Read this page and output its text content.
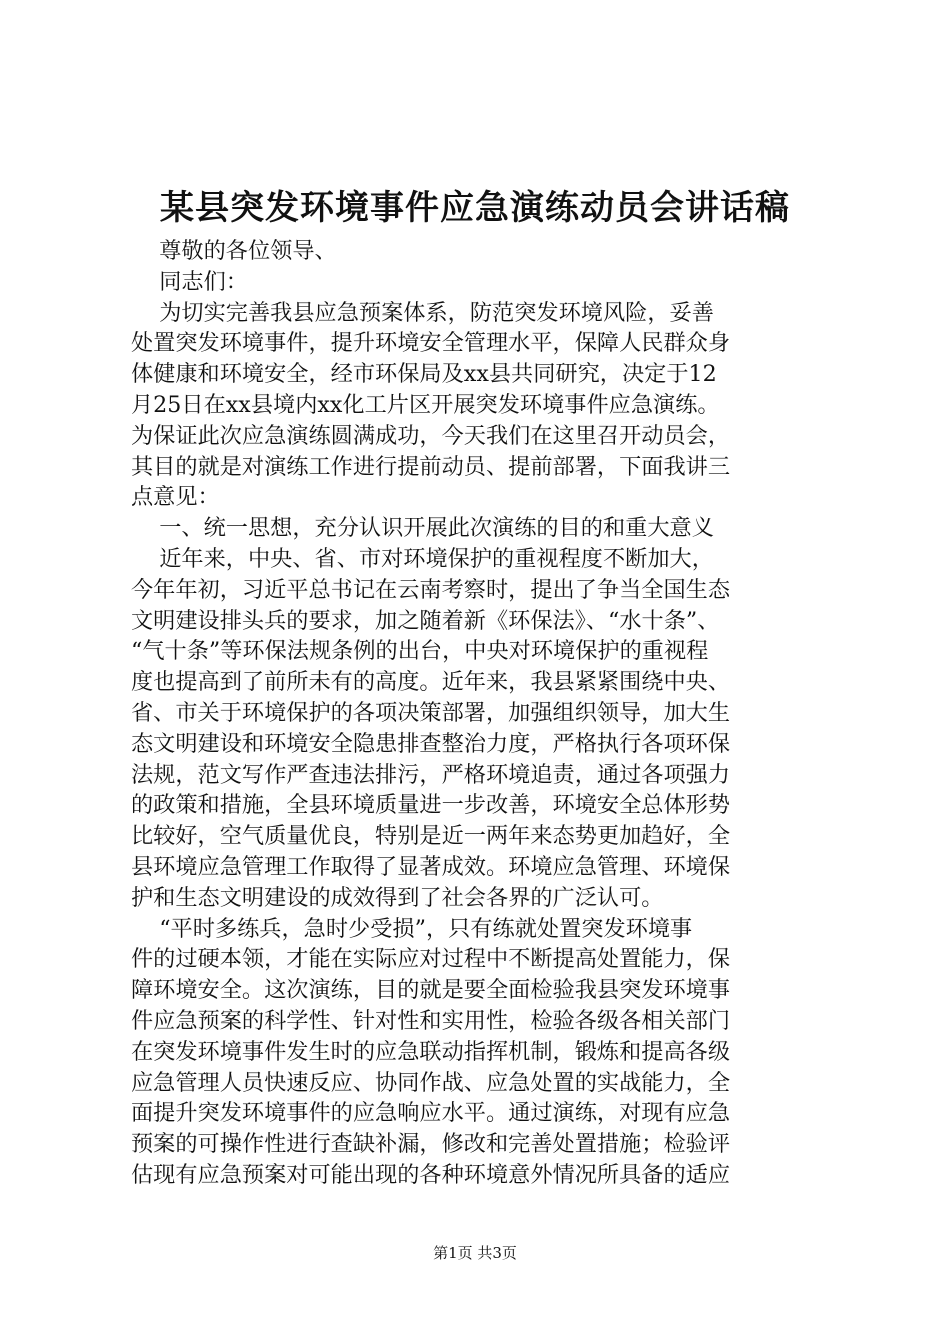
某县突发环境事件应急演练动员会讲话稿
尊敬的各位领导、
同志们：
为切实完善我县应急预案体系，防范突发环境风险，妥善
处置突发环境事件，提升环境安全管理水平，保障人民群众身
体健康和环境安全，经市环保局及xx县共同研究，决定于12
月25日在xx县境内xx化工片区开展突发环境事件应急演练。
为保证此次应急演练圆满成功，今天我们在这里召开动员会，
其目的就是对演练工作进行提前动员、提前部署，下面我讲三
点意见：
一、统一思想，充分认识开展此次演练的目的和重大意义
近年来，中央、省、市对环境保护的重视程度不断加大，
今年年初，习近平总书记在云南考察时，提出了争当全国生态
文明建设排头兵的要求，加之随着新《环保法》、“水十条”、
“气十条”等环保法规条例的出台，中央对环境保护的重视程
度也提高到了前所未有的高度。近年来，我县紧紧围绕中央、
省、市关于环境保护的各项决策部署，加强组织领导，加大生
态文明建设和环境安全隐患排查整治力度，严格执行各项环保
法规，范文写作严查违法排污，严格环境追责，通过各项强力
的政策和措施，全县环境质量进一步改善，环境安全总体形势
比较好，空气质量优良，特别是近一两年来态势更加趋好，全
县环境应急管理工作取得了显著成效。环境应急管理、环境保
护和生态文明建设的成效得到了社会各界的广泛认可。
“平时多练兵，急时少受损”，只有练就处置突发环境事
件的过硬本领，才能在实际应对过程中不断提高处置能力，保
障环境安全。这次演练，目的就是要全面检验我县突发环境事
件应急预案的科学性、针对性和实用性，检验各级各相关部门
在突发环境事件发生时的应急联动指挥机制，锻炼和提高各级
应急管理人员快速反应、协同作战、应急处置的实战能力，全
面提升突发环境事件的应急响应水平。通过演练，对现有应急
预案的可操作性进行查缺补漏，修改和完善处置措施；检验评
估现有应急预案对可能出现的各种环境意外情况所具备的适应
第1页 共3页
